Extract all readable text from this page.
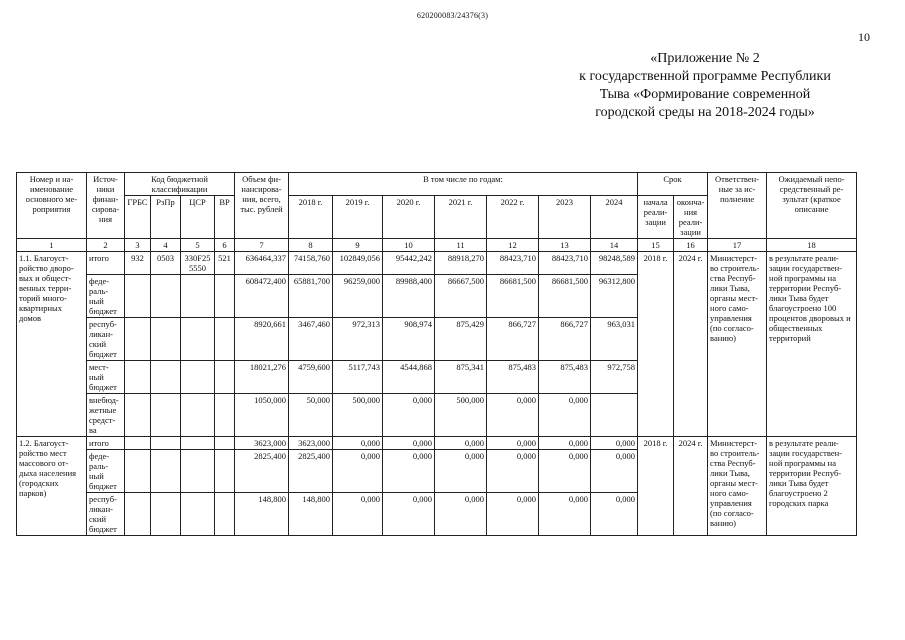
620200083/24376(3)
10
«Приложение № 2
к государственной программе Республики
Тыва «Формирование современной
городской среды на 2018-2024 годы»
Номер и на-именование основного ме-роприятия	Источ-ники финан-сирова-ния	Код бюджетной классификации				Объем фи-нансирова-ния, всего, тыс. рублей	В том числе по годам:							Срок		Ответствен-ные за ис-полнение	Ожидаемый непо-средственный ре-зультат (краткое описание
		ГРБС	РзПр	ЦСР	ВР		2018 г.	2019 г.	2020 г.	2021 г.	2022 г.	2023	2024	начала реали-зации	оконча-ния реали-зации		
1	2	3	4	5	6	7	8	9	10	11	12	13	14	15	16	17	18
1.1. Благоуст-ройство дворо-вых и общест-венных терри-торий много-квартирных домов	итого	932	0503	330F25 5550	521	636464,337	74158,760	102849,056	95442,242	88918,270	88423,710	88423,710	98248,589	2018 г.	2024 г.	Министерст-во строитель-ства Респуб-лики Тыва, органы мест-ного само-управления (по согласо-ванию)	в результате реали-зации государствен-ной программы на территории Респуб-лики Тыва будет благоустроено 100 процентов дворовых и общественных территорий
	феде-раль-ный бюджет					608472,400	65881,700	96259,000	89988,400	86667,500	86681,500	86681,500	96312,800				
	респуб-ликан-ский бюджет					8920,661	3467,460	972,313	908,974	875,429	866,727	866,727	963,031				
	мест-ный бюджет					18021,276	4759,600	5117,743	4544,868	875,341	875,483	875,483	972,758				
	внебюд-жетные средст-ва					1050,000	50,000	500,000	0,000	500,000	0,000	0,000					
1.2. Благоуст-ройство мест массового от-дыха населения (городских парков)	итого					3623,000	3623,000	0,000	0,000	0,000	0,000	0,000	0,000	2018 г.	2024 г.	Министерст-во строитель-ства Респуб-лики Тыва, органы мест-ного само-управления (по согласо-ванию)	в результате реали-зации государствен-ной программы на территории Респуб-лики Тыва будет благоустроено 2 городских парка
	феде-раль-ный бюджет					2825,400	2825,400	0,000	0,000	0,000	0,000	0,000	0,000				
	респуб-ликан-ский бюджет					148,800	148,800	0,000	0,000	0,000	0,000	0,000	0,000				
